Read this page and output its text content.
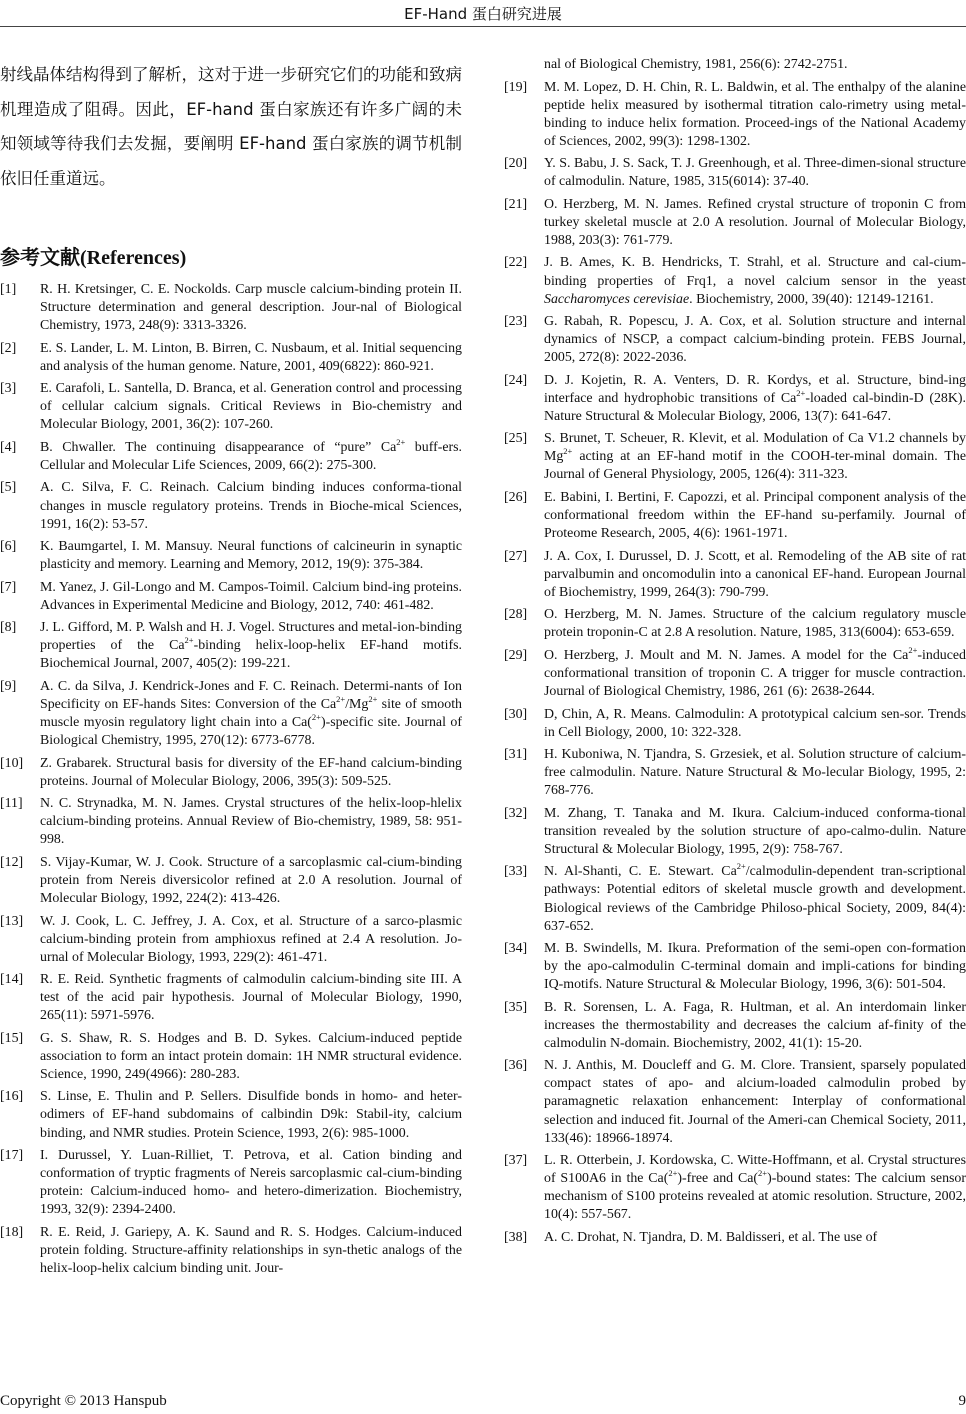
EF-Hand 蛋白研究进展

射线晶体结构得到了解析，这对于进一步研究它们的功能和致病机理造成了阻碍。因此，EF-hand 蛋白家族还有许多广阔的未知领域等待我们去发掘，要阐明 EF-hand 蛋白家族的调节机制依旧任重道远。

参考文献(References)
[1]	R. H. Kretsinger, C. E. Nockolds. Carp muscle calcium-binding protein II. Structure determination and general description. Jour-nal of Biological Chemistry, 1973, 248(9): 3313-3326.
[2]	E. S. Lander, L. M. Linton, B. Birren, C. Nusbaum, et al. Initial sequencing and analysis of the human genome. Nature, 2001, 409(6822): 860-921.
[3]	E. Carafoli, L. Santella, D. Branca, et al. Generation control and processing of cellular calcium signals. Critical Reviews in Bio-chemistry and Molecular Biology, 2001, 36(2): 107-260.
[4]	B. Chwaller. The continuing disappearance of “pure” $Ca^{2+}$ buff-ers. Cellular and Molecular Life Sciences, 2009, 66(2): 275-300.
[5]	A. C. Silva, F. C. Reinach. Calcium binding induces conforma-tional changes in muscle regulatory proteins. Trends in Bioche-mical Sciences, 1991, 16(2): 53-57.
[6]	K. Baumgartel, I. M. Mansuy. Neural functions of calcineurin in synaptic plasticity and memory. Learning and Memory, 2012, 19(9): 375-384.
[7]	M. Yanez, J. Gil-Longo and M. Campos-Toimil. Calcium bind-ing proteins. Advances in Experimental Medicine and Biology, 2012, 740: 461-482.
[8]	J. L. Gifford, M. P. Walsh and H. J. Vogel. Structures and metal-ion-binding properties of the $Ca^{2+}$-binding helix-loop-helix EF-hand motifs. Biochemical Journal, 2007, 405(2): 199-221.
[9]	A. C. da Silva, J. Kendrick-Jones and F. C. Reinach. Determi-nants of Ion Specificity on EF-hands Sites: Conversion of the $Ca^{2+}/Mg^{2+}$ site of smooth muscle myosin regulatory light chain into a Ca($^{2+}$)-specific site. Journal of Biological Chemistry, 1995, 270(12): 6773-6778.
[10]	Z. Grabarek. Structural basis for diversity of the EF-hand calcium-binding proteins. Journal of Molecular Biology, 2006, 395(3): 509-525.
[11]	N. C. Strynadka, M. N. James. Crystal structures of the helix-loop-hlelix calcium-binding proteins. Annual Review of Bio-chemistry, 1989, 58: 951-998.
[12]	S. Vijay-Kumar, W. J. Cook. Structure of a sarcoplasmic cal-cium-binding protein from Nereis diversicolor refined at 2.0 A resolution. Journal of Molecular Biology, 1992, 224(2): 413-426.
[13]	W. J. Cook, L. C. Jeffrey, J. A. Cox, et al. Structure of a sarco-plasmic calcium-binding protein from amphioxus refined at 2.4 A resolution. Jo-urnal of Molecular Biology, 1993, 229(2): 461-471.
[14]	R. E. Reid. Synthetic fragments of calmodulin calcium-binding site III. A test of the acid pair hypothesis. Journal of Molecular Biology, 1990, 265(11): 5971-5976.
[15]	G. S. Shaw, R. S. Hodges and B. D. Sykes. Calcium-induced peptide association to form an intact protein domain: 1H NMR structural evidence. Science, 1990, 249(4966): 280-283.
[16]	S. Linse, E. Thulin and P. Sellers. Disulfide bonds in homo- and heter-odimers of EF-hand subdomains of calbindin D9k: Stabil-ity, calcium binding, and NMR studies. Protein Science, 1993, 2(6): 985-1000.
[17]	I. Durussel, Y. Luan-Rilliet, T. Petrova, et al. Cation binding and conformation of tryptic fragments of Nereis sarcoplasmic cal-cium-binding protein: Calcium-induced homo- and hetero-dimerization. Biochemistry, 1993, 32(9): 2394-2400.
[18]	R. E. Reid, J. Gariepy, A. K. Saund and R. S. Hodges. Calcium-induced protein folding. Structure-affinity relationships in syn-thetic analogs of the helix-loop-helix calcium binding unit. Jour-
nal of Biological Chemistry, 1981, 256(6): 2742-2751.
[19]	M. M. Lopez, D. H. Chin, R. L. Baldwin, et al. The enthalpy of the alanine peptide helix measured by isothermal titration calo-rimetry using metal-binding to induce helix formation. Proceed-ings of the National Academy of Sciences, 2002, 99(3): 1298-1302.
[20]	Y. S. Babu, J. S. Sack, T. J. Greenhough, et al. Three-dimen-sional structure of calmodulin. Nature, 1985, 315(6014): 37-40.
[21]	O. Herzberg, M. N. James. Refined crystal structure of troponin C from turkey skeletal muscle at 2.0 A resolution. Journal of Molecular Biology, 1988, 203(3): 761-779.
[22]	J. B. Ames, K. B. Hendricks, T. Strahl, et al. Structure and cal-cium-binding properties of Frq1, a novel calcium sensor in the yeast Saccharomyces cerevisiae. Biochemistry, 2000, 39(40): 12149-12161.
[23]	G. Rabah, R. Popescu, J. A. Cox, et al. Solution structure and internal dynamics of NSCP, a compact calcium-binding protein. FEBS Journal, 2005, 272(8): 2022-2036.
[24]	D. J. Kojetin, R. A. Venters, D. R. Kordys, et al. Structure, bind-ing interface and hydrophobic transitions of $Ca^{2+}$-loaded cal-bindin-D (28K). Nature Structural & Molecular Biology, 2006, 13(7): 641-647.
[25]	S. Brunet, T. Scheuer, R. Klevit, et al. Modulation of Ca V1.2 channels by $Mg^{2+}$ acting at an EF-hand motif in the COOH-ter-minal domain. The Journal of General Physiology, 2005, 126(4): 311-323.
[26]	E. Babini, I. Bertini, F. Capozzi, et al. Principal component analysis of the conformational freedom within the EF-hand su-perfamily. Journal of Proteome Research, 2005, 4(6): 1961-1971.
[27]	J. A. Cox, I. Durussel, D. J. Scott, et al. Remodeling of the AB site of rat parvalbumin and oncomodulin into a canonical EF-hand. European Journal of Biochemistry, 1999, 264(3): 790-799.
[28]	O. Herzberg, M. N. James. Structure of the calcium regulatory muscle protein troponin-C at 2.8 A resolution. Nature, 1985, 313(6004): 653-659.
[29]	O. Herzberg, J. Moult and M. N. James. A model for the $Ca^{2+}$-induced conformational transition of troponin C. A trigger for muscle contraction. Journal of Biological Chemistry, 1986, 261 (6): 2638-2644.
[30]	D, Chin, A, R. Means. Calmodulin: A prototypical calcium sen-sor. Trends in Cell Biology, 2000, 10: 322-328.
[31]	H. Kuboniwa, N. Tjandra, S. Grzesiek, et al. Solution structure of calcium-free calmodulin. Nature. Nature Structural & Mo-lecular Biology, 1995, 2: 768-776.
[32]	M. Zhang, T. Tanaka and M. Ikura. Calcium-induced conforma-tional transition revealed by the solution structure of apo-calmo-dulin. Nature Structural & Molecular Biology, 1995, 2(9): 758-767.
[33]	N. Al-Shanti, C. E. Stewart. $Ca^{2+}/calmodulin$-dependent tran-scriptional pathways: Potential editors of skeletal muscle growth and development. Biological reviews of the Cambridge Philoso-phical Society, 2009, 84(4): 637-652.
[34]	M. B. Swindells, M. Ikura. Preformation of the semi-open con-formation by the apo-calmodulin C-terminal domain and impli-cations for binding IQ-motifs. Nature Structural & Molecular Biology, 1996, 3(6): 501-504.
[35]	B. R. Sorensen, L. A. Faga, R. Hultman, et al. An interdomain linker increases the thermostability and decreases the calcium af-finity of the calmodulin N-domain. Biochemistry, 2002, 41(1): 15-20.
[36]	N. J. Anthis, M. Doucleff and G. M. Clore. Transient, sparsely populated compact states of apo- and alcium-loaded calmodulin probed by paramagnetic relaxation enhancement: Interplay of conformational selection and induced fit. Journal of the Ameri-can Chemical Society, 2011, 133(46): 18966-18974.
[37]	L. R. Otterbein, J. Kordowska, C. Witte-Hoffmann, et al. Crystal structures of S100A6 in the Ca($^{2+}$)-free and Ca($^{2+}$)-bound states: The calcium sensor mechanism of S100 proteins revealed at atomic resolution. Structure, 2002, 10(4): 557-567.
[38]	A. C. Drohat, N. Tjandra, D. M. Baldisseri, et al. The use of
Copyright © 2013 Hanspub	9
